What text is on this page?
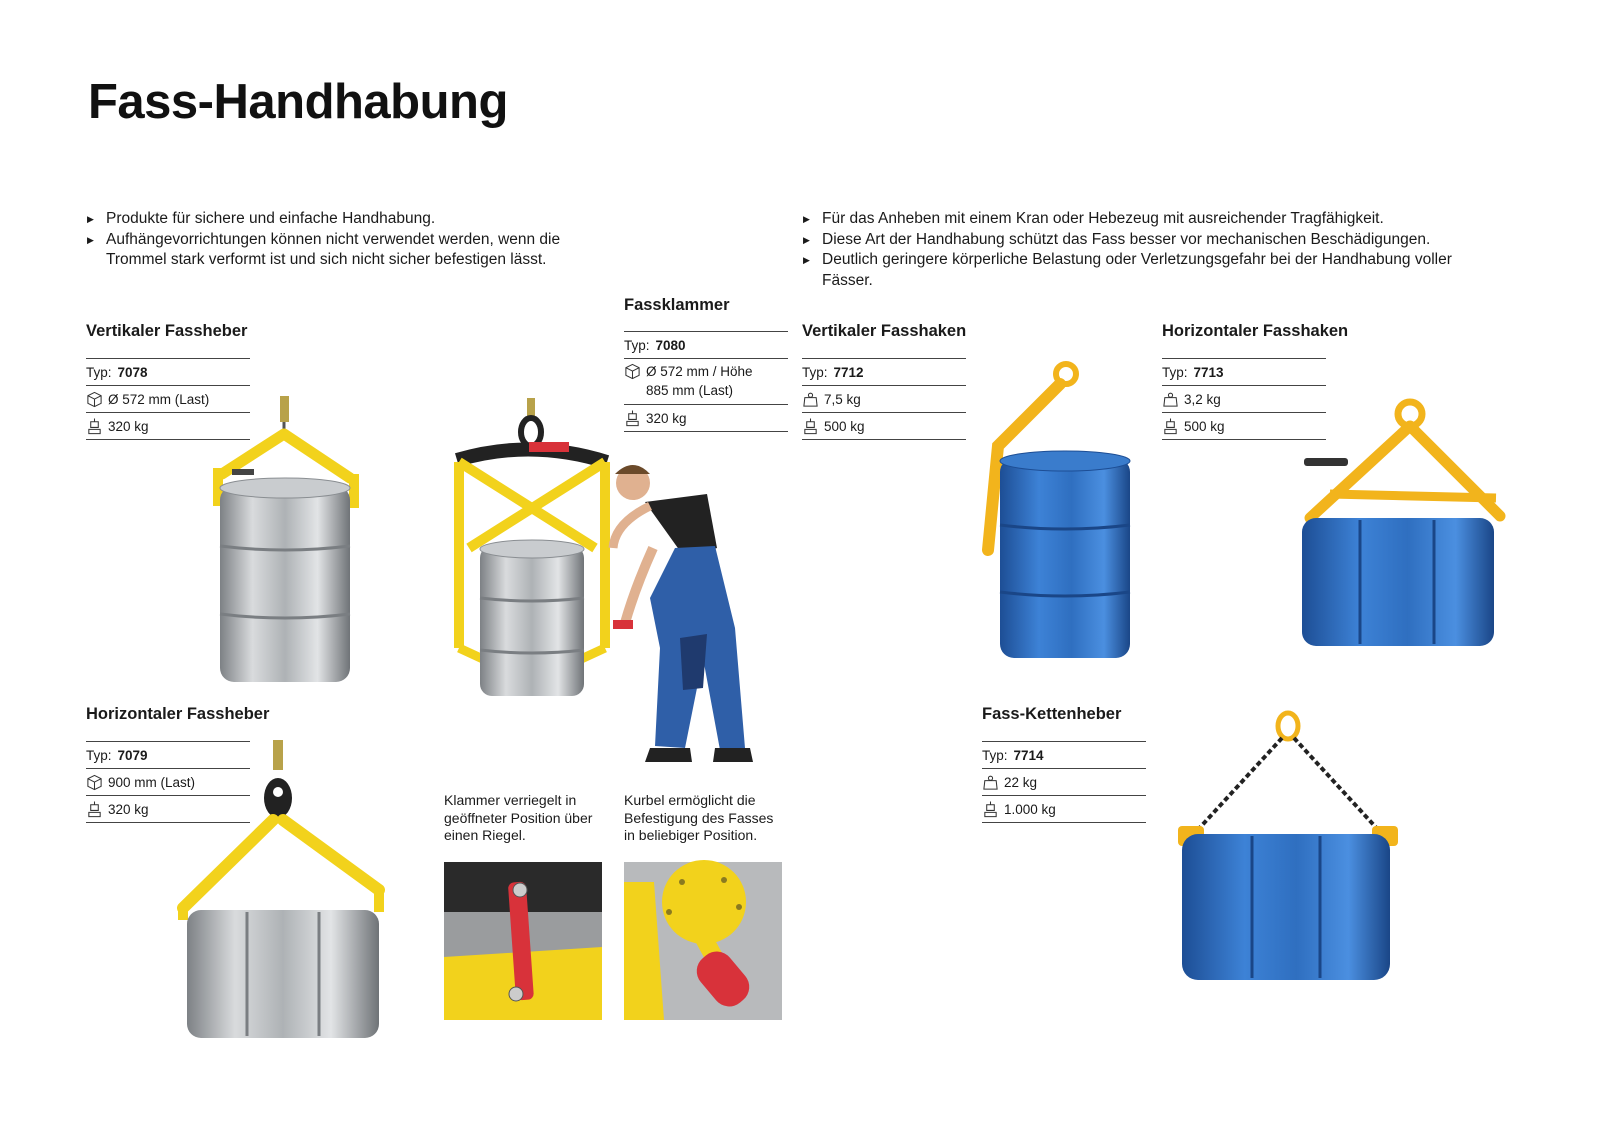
Fass-Handhabung
▶ Produkte für sichere und einfache Handhabung.
▶ Aufhängevorrichtungen können nicht verwendet werden, wenn die Trommel stark verformt ist und sich nicht sicher befestigen lässt.
▶ Für das Anheben mit einem Kran oder Hebezeug mit ausreichender Tragfähigkeit.
▶ Diese Art der Handhabung schützt das Fass besser vor mechanischen Beschädigungen.
▶ Deutlich geringere körperliche Belastung oder Verletzungsgefahr bei der Handhabung voller Fässer.
Vertikaler Fassheber
Typ: 7078
Ø 572 mm (Last)
320 kg
Fassklammer
Typ: 7080
Ø 572 mm / Höhe 885 mm (Last)
320 kg
Vertikaler Fasshaken
Typ: 7712
7,5 kg
500 kg
Horizontaler Fasshaken
Typ: 7713
3,2 kg
500 kg
Horizontaler Fassheber
Typ: 7079
900 mm (Last)
320 kg
Fass-Kettenheber
Typ: 7714
22 kg
1.000 kg

Klammer verriegelt in geöffneter Position über einen Riegel.

Kurbel ermöglicht die Befestigung des Fasses in beliebiger Position.
